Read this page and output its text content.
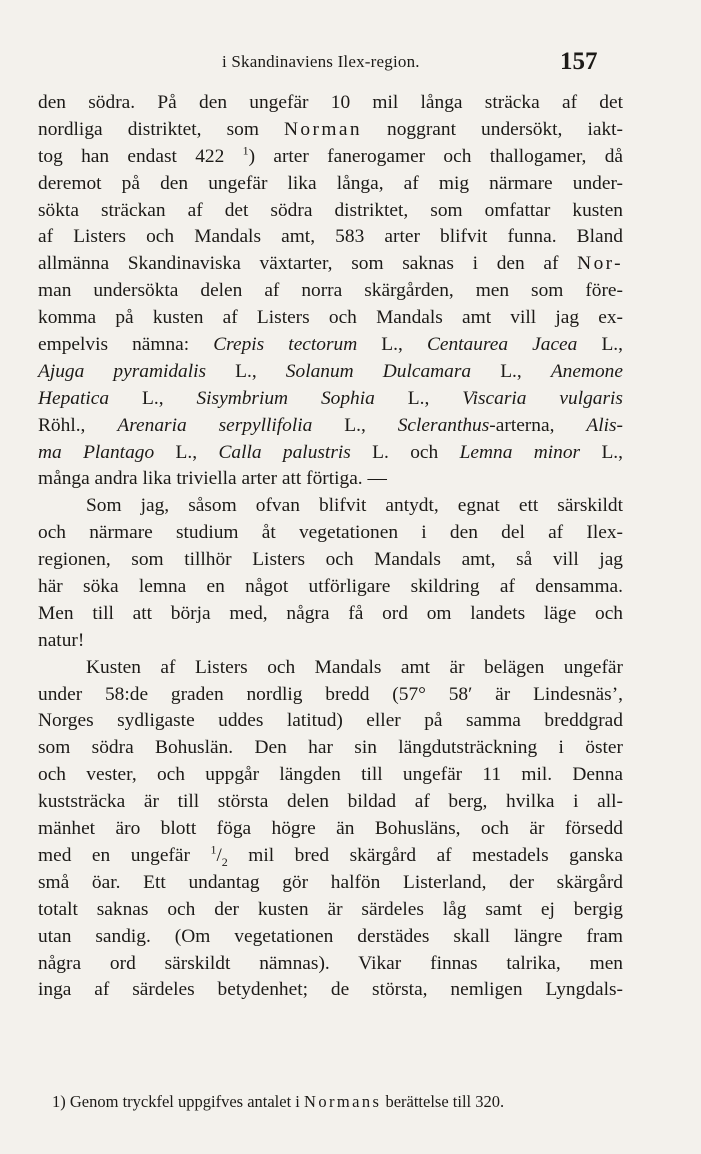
i Skandinaviens Ilex-region.	157
den södra. På den ungefär 10 mil långa sträcka af det
nordliga distriktet, som Norman noggrant undersökt, iakt-
tog han endast 422 $^1$) arter fanerogamer och thallogamer, då
deremot på den ungefär lika långa, af mig närmare under-
sökta sträckan af det södra distriktet, som omfattar kusten
af Listers och Mandals amt, 583 arter blifvit funna. Bland
allmänna Skandinaviska växtarter, som saknas i den af Nor-
man undersökta delen af norra skärgården, men som före-
komma på kusten af Listers och Mandals amt vill jag ex-
empelvis nämna: Crepis tectorum L., Centaurea Jacea L.,
Ajuga pyramidalis L., Solanum Dulcamara L., Anemone
Hepatica L., Sisymbrium Sophia L., Viscaria vulgaris
Röhl., Arenaria serpyllifolia L., Scleranthus-arterna, Alis-
ma Plantago L., Calla palustris L. och Lemna minor L.,
många andra lika triviella arter att förtiga. —
Som jag, såsom ofvan blifvit antydt, egnat ett särskildt
och närmare studium åt vegetationen i den del af Ilex-
regionen, som tillhör Listers och Mandals amt, så vill jag
här söka lemna en något utförligare skildring af densamma.
Men till att börja med, några få ord om landets läge och
natur!
Kusten af Listers och Mandals amt är belägen ungefär
under 58:de graden nordlig bredd (57° 58′ är Lindesnäs’,
Norges sydligaste uddes latitud) eller på samma breddgrad
som södra Bohuslän. Den har sin längdutsträckning i öster
och vester, och uppgår längden till ungefär 11 mil. Denna
kuststräcka är till största delen bildad af berg, hvilka i all-
mänhet äro blott föga högre än Bohusläns, och är försedd
med en ungefär $^1/_2$ mil bred skärgård af mestadels ganska
små öar. Ett undantag gör halfön Listerland, der skärgård
totalt saknas och der kusten är särdeles låg samt ej bergig
utan sandig. (Om vegetationen derstädes skall längre fram
några ord särskildt nämnas). Vikar finnas talrika, men
inga af särdeles betydenhet; de största, nemligen Lyngdals-
1) Genom tryckfel uppgifves antalet i Normans berättelse till 320.
